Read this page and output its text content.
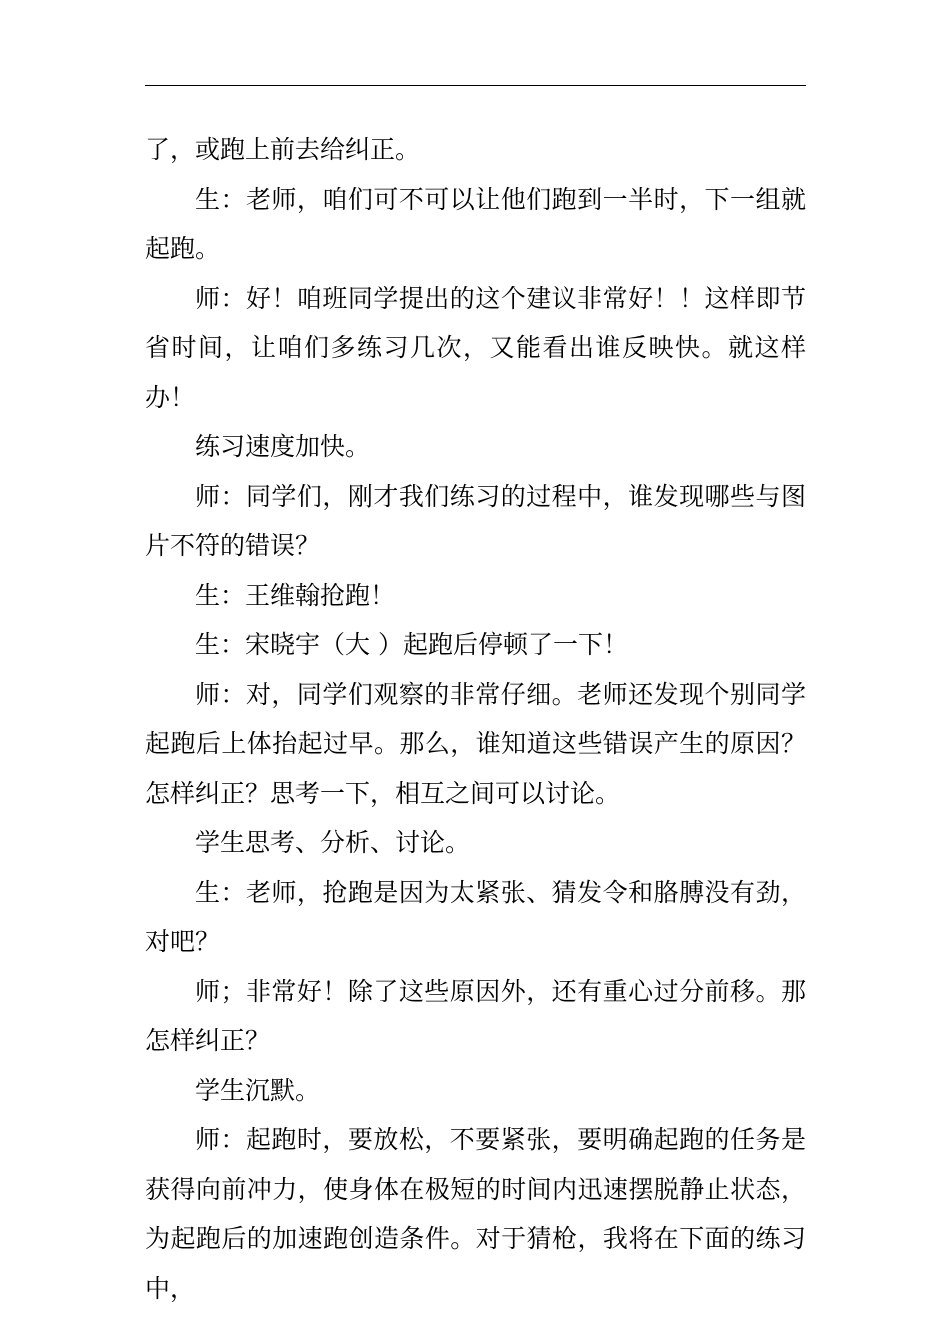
了，或跑上前去给纠正。

生：老师，咱们可不可以让他们跑到一半时，下一组就起跑。

师：好！咱班同学提出的这个建议非常好！！这样即节省时间，让咱们多练习几次，又能看出谁反映快。就这样办！

练习速度加快。

师：同学们，刚才我们练习的过程中，谁发现哪些与图片不符的错误？

生：王维翰抢跑！

生：宋晓宇（大 ）起跑后停顿了一下！

师：对，同学们观察的非常仔细。老师还发现个别同学起跑后上体抬起过早。那么，谁知道这些错误产生的原因？怎样纠正？思考一下，相互之间可以讨论。

学生思考、分析、讨论。

生：老师，抢跑是因为太紧张、猜发令和胳膊没有劲，对吧？

师；非常好！除了这些原因外，还有重心过分前移。那怎样纠正？

学生沉默。

师：起跑时，要放松，不要紧张，要明确起跑的任务是获得向前冲力，使身体在极短的时间内迅速摆脱静止状态，为起跑后的加速跑创造条件。对于猜枪，我将在下面的练习中，
